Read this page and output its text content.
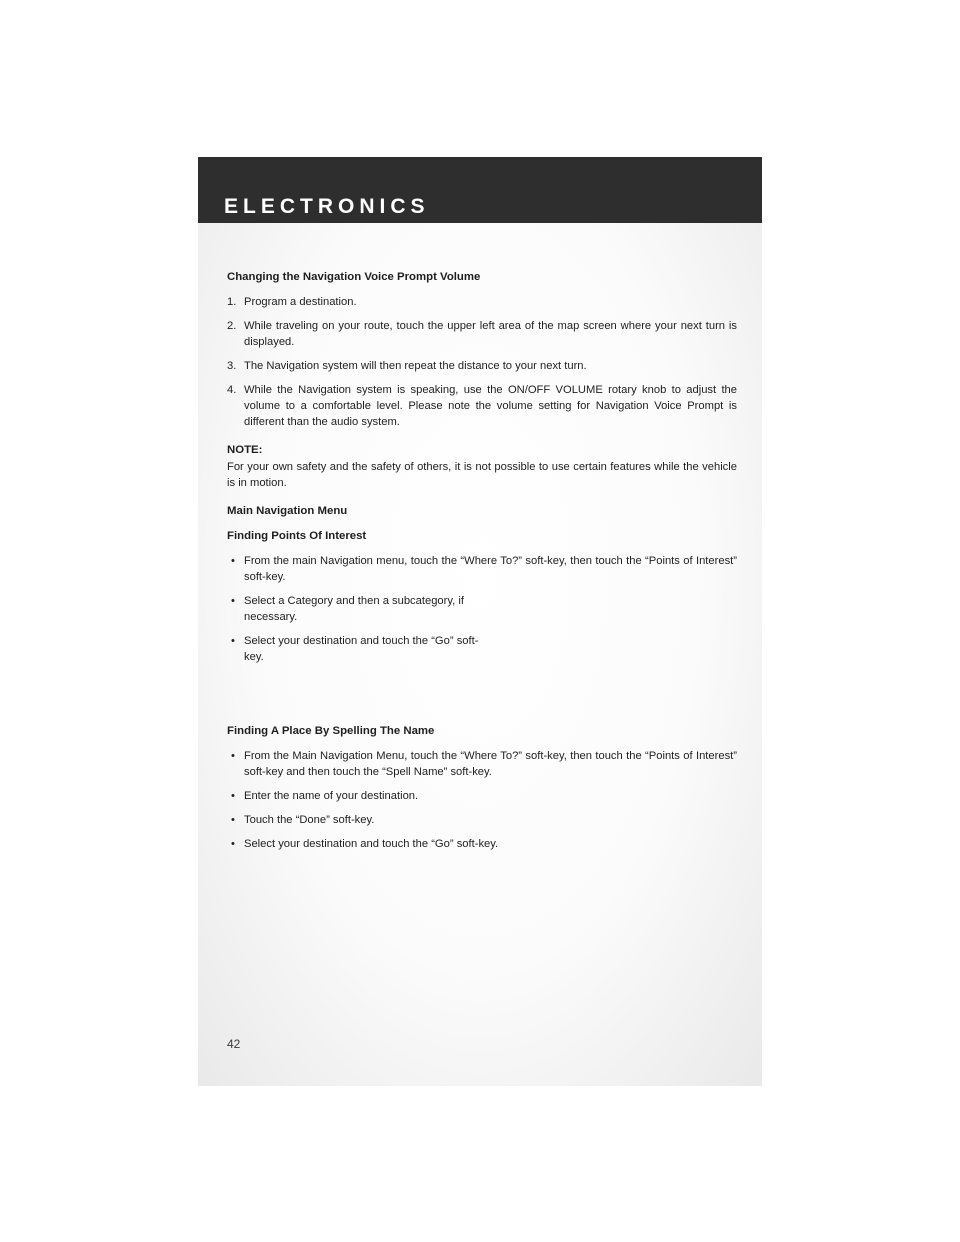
ELECTRONICS

Changing the Navigation Voice Prompt Volume

1. Program a destination.
2. While traveling on your route, touch the upper left area of the map screen where your next turn is displayed.
3. The Navigation system will then repeat the distance to your next turn.
4. While the Navigation system is speaking, use the ON/OFF VOLUME rotary knob to adjust the volume to a comfortable level. Please note the volume setting for Navigation Voice Prompt is different than the audio system.

NOTE:

For your own safety and the safety of others, it is not possible to use certain features while the vehicle is in motion.

Main Navigation Menu

Finding Points Of Interest

• From the main Navigation menu, touch the “Where To?” soft-key, then touch the “Points of Interest” soft-key.
• Select a Category and then a subcategory, if necessary.
• Select your destination and touch the “Go” soft-key.

Finding A Place By Spelling The Name

• From the Main Navigation Menu, touch the “Where To?” soft-key, then touch the “Points of Interest” soft-key and then touch the “Spell Name” soft-key.
• Enter the name of your destination.
• Touch the “Done” soft-key.
• Select your destination and touch the “Go” soft-key.
42
